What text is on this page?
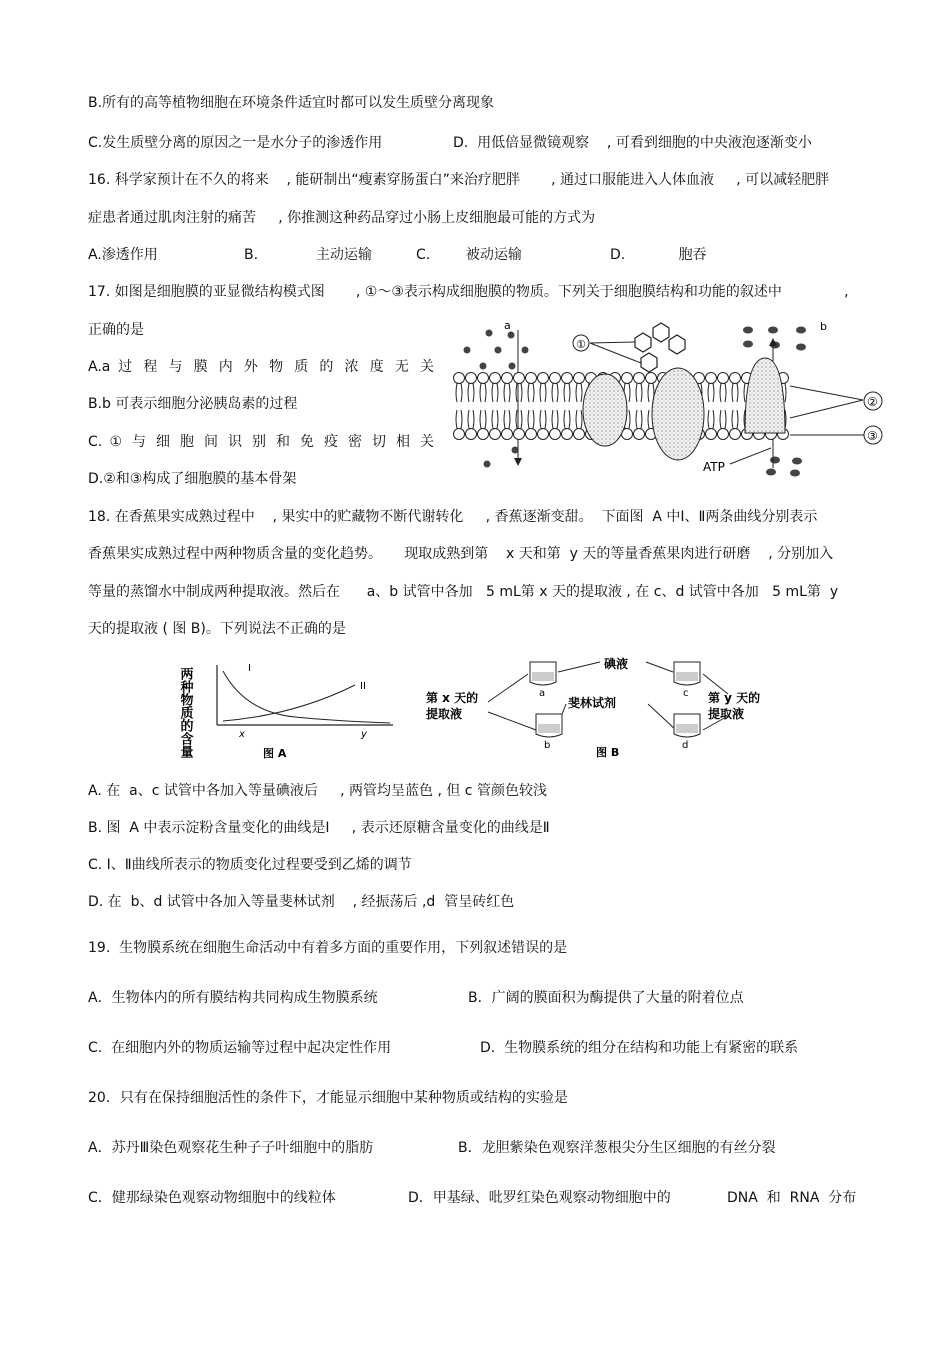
B.所有的高等植物细胞在环境条件适宜时都可以发生质壁分离现象
C.发生质壁分离的原因之一是水分子的渗透作用	D.  用低倍显微镜观察    , 可看到细胞的中央液泡逐渐变小
16. 科学家预计在不久的将来    , 能研制出“瘦素穿肠蛋白”来治疗肥胖       , 通过口服能进入人体血液     , 可以减轻肥胖
症患者通过肌肉注射的痛苦     , 你推测这种药品穿过小肠上皮细胞最可能的方式为
A.渗透作用	B.             主动运输	C.        被动运输	D.            胞吞
17. 如图是细胞膜的亚显微结构模式图       , ①～③表示构成细胞膜的物质。下列关于细胞膜结构和功能的叙述中              ,
正确的是
A.a 过 程 与 膜 内 外 物 质 的 浓 度 无 关
B.b 可表示细胞分泌胰岛素的过程
C. ① 与 细 胞 间 识 别 和 免 疫 密 切 相 关
D.②和③构成了细胞膜的基本骨架
a	b
①
②
③
ATP
18. 在香蕉果实成熟过程中    , 果实中的贮藏物不断代谢转化     , 香蕉逐渐变甜。  下面图  A 中Ⅰ、Ⅱ两条曲线分别表示
香蕉果实成熟过程中两种物质含量的变化趋势。     现取成熟到第    x 天和第  y 天的等量香蕉果肉进行研磨    , 分别加入
等量的蒸馏水中制成两种提取液。然后在      a、b 试管中各加   5 mL第 x 天的提取液 , 在 c、d 试管中各加   5 mL第  y
天的提取液 ( 图 B)。下列说法不正确的是
两种物质的含量	I
II
x	y
图 A
碘液
斐林试剂
第 x 天的提取液
第 y 天的提取液
a	c
b	d
图 B
A. 在  a、c 试管中各加入等量碘液后     , 两管均呈蓝色 , 但 c 管颜色较浅
B. 图  A 中表示淀粉含量变化的曲线是Ⅰ     , 表示还原糖含量变化的曲线是Ⅱ
C. Ⅰ、Ⅱ曲线所表示的物质变化过程要受到乙烯的调节
D. 在  b、d 试管中各加入等量斐林试剂    , 经振荡后 ,d  管呈砖红色
19.  生物膜系统在细胞生命活动中有着多方面的重要作用，下列叙述错误的是
A．生物体内的所有膜结构共同构成生物膜系统	B．广阔的膜面积为酶提供了大量的附着位点
C.  在细胞内外的物质运输等过程中起决定性作用	D.  生物膜系统的组分在结构和功能上有紧密的联系
20．只有在保持细胞活性的条件下，才能显示细胞中某种物质或结构的实验是
A．苏丹Ⅲ染色观察花生种子子叶细胞中的脂肪	B．龙胆紫染色观察洋葱根尖分生区细胞的有丝分裂
C．健那绿染色观察动物细胞中的线粒体	D．甲基绿、吡罗红染色观察动物细胞中的	DNA  和  RNA  分布
